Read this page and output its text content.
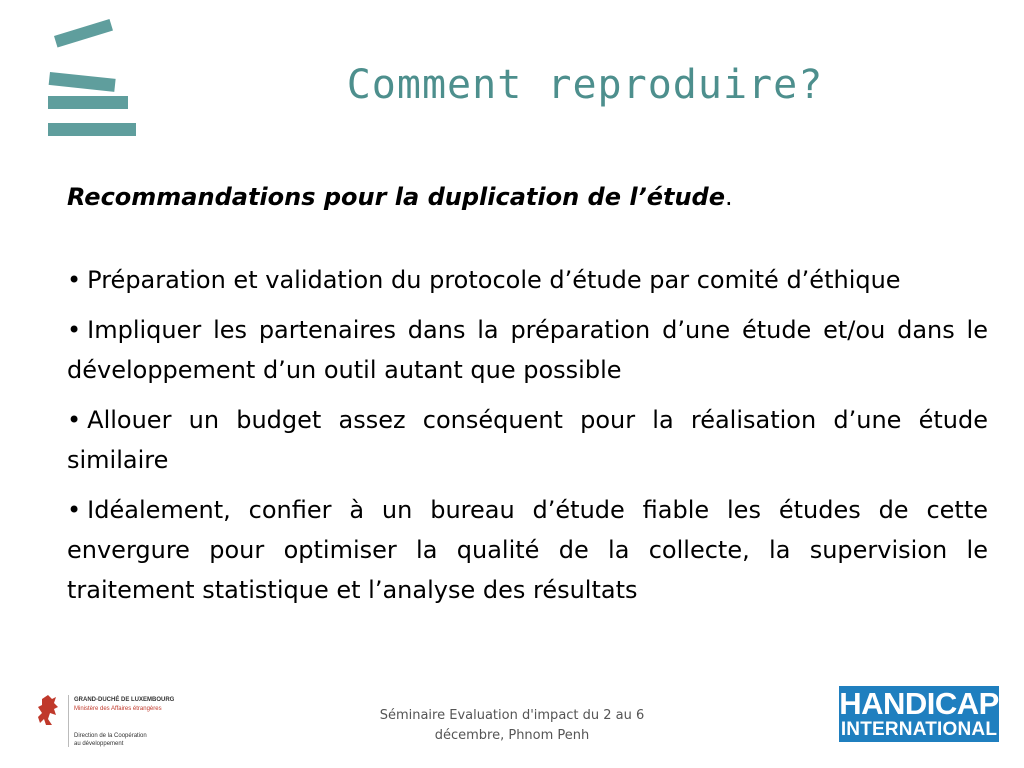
Comment reproduire?

Recommandations pour la duplication de l’étude.

• Préparation et validation du protocole d’étude par comité d’éthique
• Impliquer les partenaires dans la préparation d’une étude et/ou dans le développement d’un outil autant que possible
• Allouer un budget assez conséquent pour la réalisation d’une étude similaire
• Idéalement, confier à un bureau d’étude fiable les études de cette envergure pour optimiser la qualité de la collecte, la supervision le traitement statistique et l’analyse des résultats
GRAND-DUCHÉ DE LUXEMBOURG
Ministère des Affaires étrangères
Direction de la Coopération
au développement
Séminaire Evaluation d'impact du 2 au 6
décembre, Phnom Penh
HANDICAP
INTERNATIONAL
